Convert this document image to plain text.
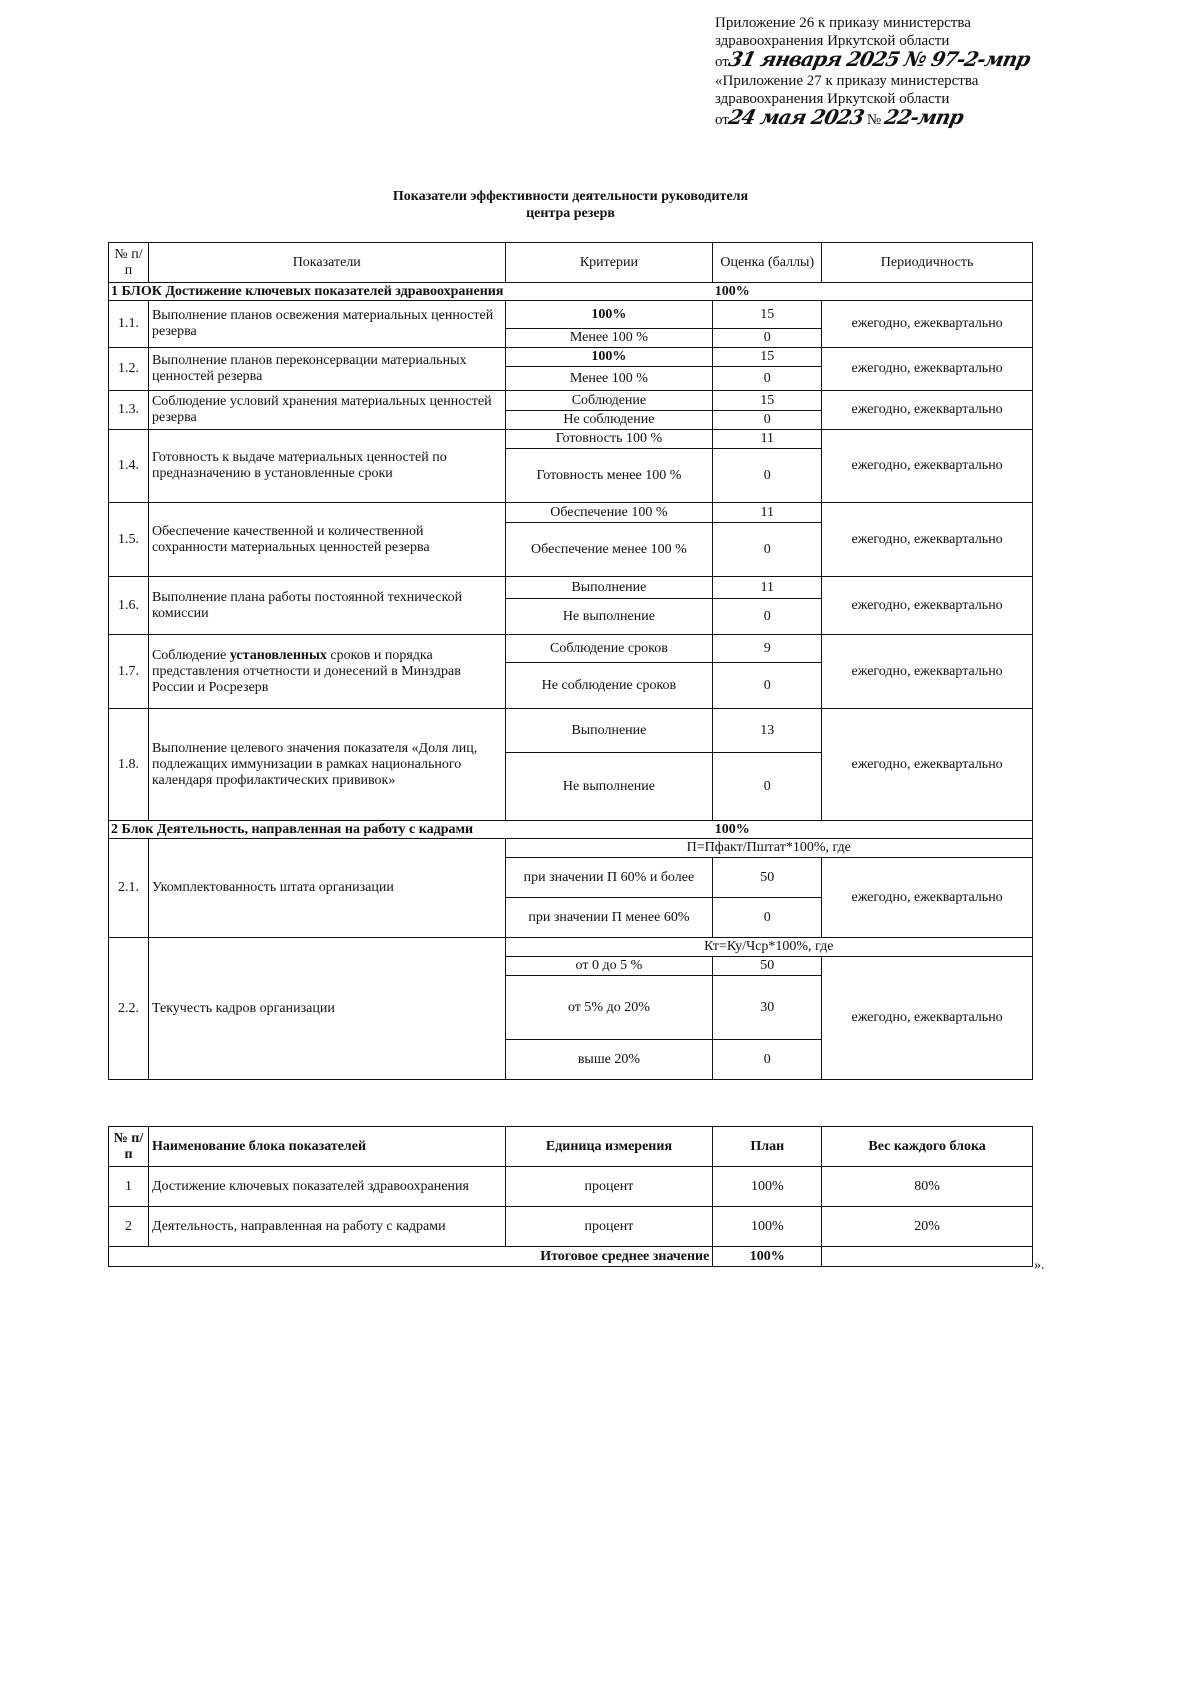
Приложение 26 к приказу министерства
здравоохранения Иркутской области
от31 января 2025 № 97-2-мпр
«Приложение 27 к приказу министерства
здравоохранения Иркутской области
от24 мая 2023 № 22-мпр
Показатели эффективности деятельности руководителя
центра резерв
№ п/п	Показатели	Критерии	Оценка (баллы)	Периодичность
1 БЛОК Достижение ключевых показателей здравоохранения			100%	
1.1.	Выполнение планов освежения материальных ценностей резерва	100%	15	ежегодно, ежеквартально
		Менее 100 %	0	
1.2.	Выполнение планов переконсервации материальных ценностей резерва	100%	15	ежегодно, ежеквартально
		Менее 100 %	0	
1.3.	Соблюдение условий хранения материальных ценностей резерва	Соблюдение	15	ежегодно, ежеквартально
		Не соблюдение	0	
1.4.	Готовность к выдаче материальных ценностей по предназначению в установленные сроки	Готовность 100 %	11	ежегодно, ежеквартально
		Готовность менее 100 %	0	
1.5.	Обеспечение качественной и количественной сохранности материальных ценностей резерва	Обеспечение 100 %	11	ежегодно, ежеквартально
		Обеспечение менее 100 %	0	
1.6.	Выполнение плана работы постоянной технической комиссии	Выполнение	11	ежегодно, ежеквартально
		Не выполнение	0	
1.7.	Соблюдение установленных сроков и порядка представления отчетности и донесений в Минздрав России и Росрезерв	Соблюдение сроков	9	ежегодно, ежеквартально
		Не соблюдение сроков	0	
1.8.	Выполнение целевого значения показателя «Доля лиц, подлежащих иммунизации в рамках национального календаря профилактических прививок»	Выполнение	13	ежегодно, ежеквартально
		Не выполнение	0	
2 Блок Деятельность, направленная на работу с кадрами			100%	
2.1.	Укомплектованность штата организации	П=Пфакт/Пштат*100%, где		
		при значении П 60% и более	50	ежегодно, ежеквартально
		при значении П менее 60%	0	
2.2.	Текучесть кадров организации	Кт=Ку/Чср*100%, где		
		от 0 до 5 %	50	ежегодно, ежеквартально
		от 5% до 20%	30	
		выше 20%	0	
№ п/п	Наименование блока показателей	Единица измерения	План	Вес каждого блока
1	Достижение ключевых показателей здравоохранения	процент	100%	80%
2	Деятельность, направленная на работу с кадрами	процент	100%	20%
Итоговое среднее значение			100%	
».
